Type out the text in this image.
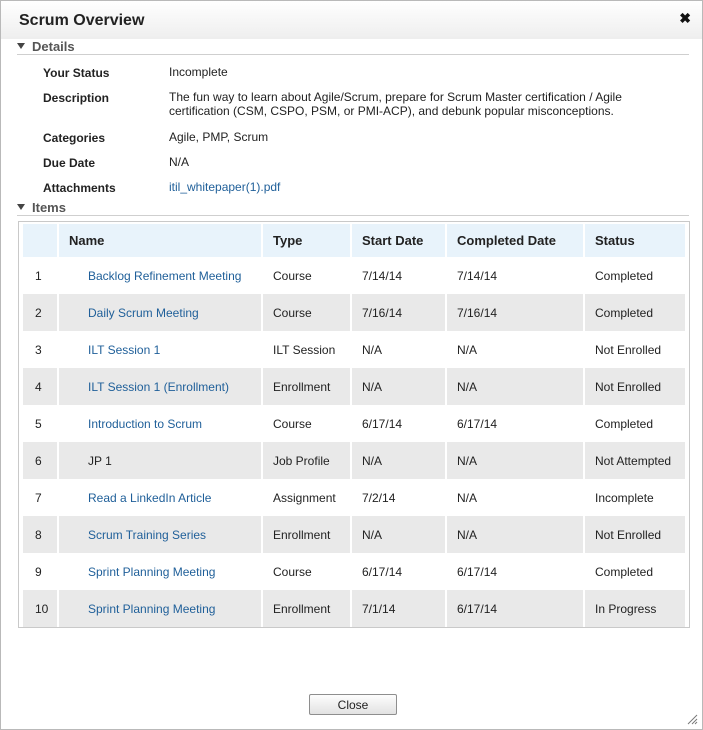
Scrum Overview	✖
Details
Your Status	Incomplete
Description	The fun way to learn about Agile/Scrum, prepare for Scrum Master certification / Agile certification (CSM, CSPO, PSM, or PMI-ACP), and debunk popular misconceptions.
Categories	Agile, PMP, Scrum
Due Date	N/A
Attachments	itil_whitepaper(1).pdf
Items
	Name	Type	Start Date	Completed Date	Status
1	Backlog Refinement Meeting	Course	7/14/14	7/14/14	Completed
2	Daily Scrum Meeting	Course	7/16/14	7/16/14	Completed
3	ILT Session 1	ILT Session	N/A	N/A	Not Enrolled
4	ILT Session 1 (Enrollment)	Enrollment	N/A	N/A	Not Enrolled
5	Introduction to Scrum	Course	6/17/14	6/17/14	Completed
6	JP 1	Job Profile	N/A	N/A	Not Attempted
7	Read a LinkedIn Article	Assignment	7/2/14	N/A	Incomplete
8	Scrum Training Series	Enrollment	N/A	N/A	Not Enrolled
9	Sprint Planning Meeting	Course	6/17/14	6/17/14	Completed
10	Sprint Planning Meeting	Enrollment	7/1/14	6/17/14	In Progress
Close
